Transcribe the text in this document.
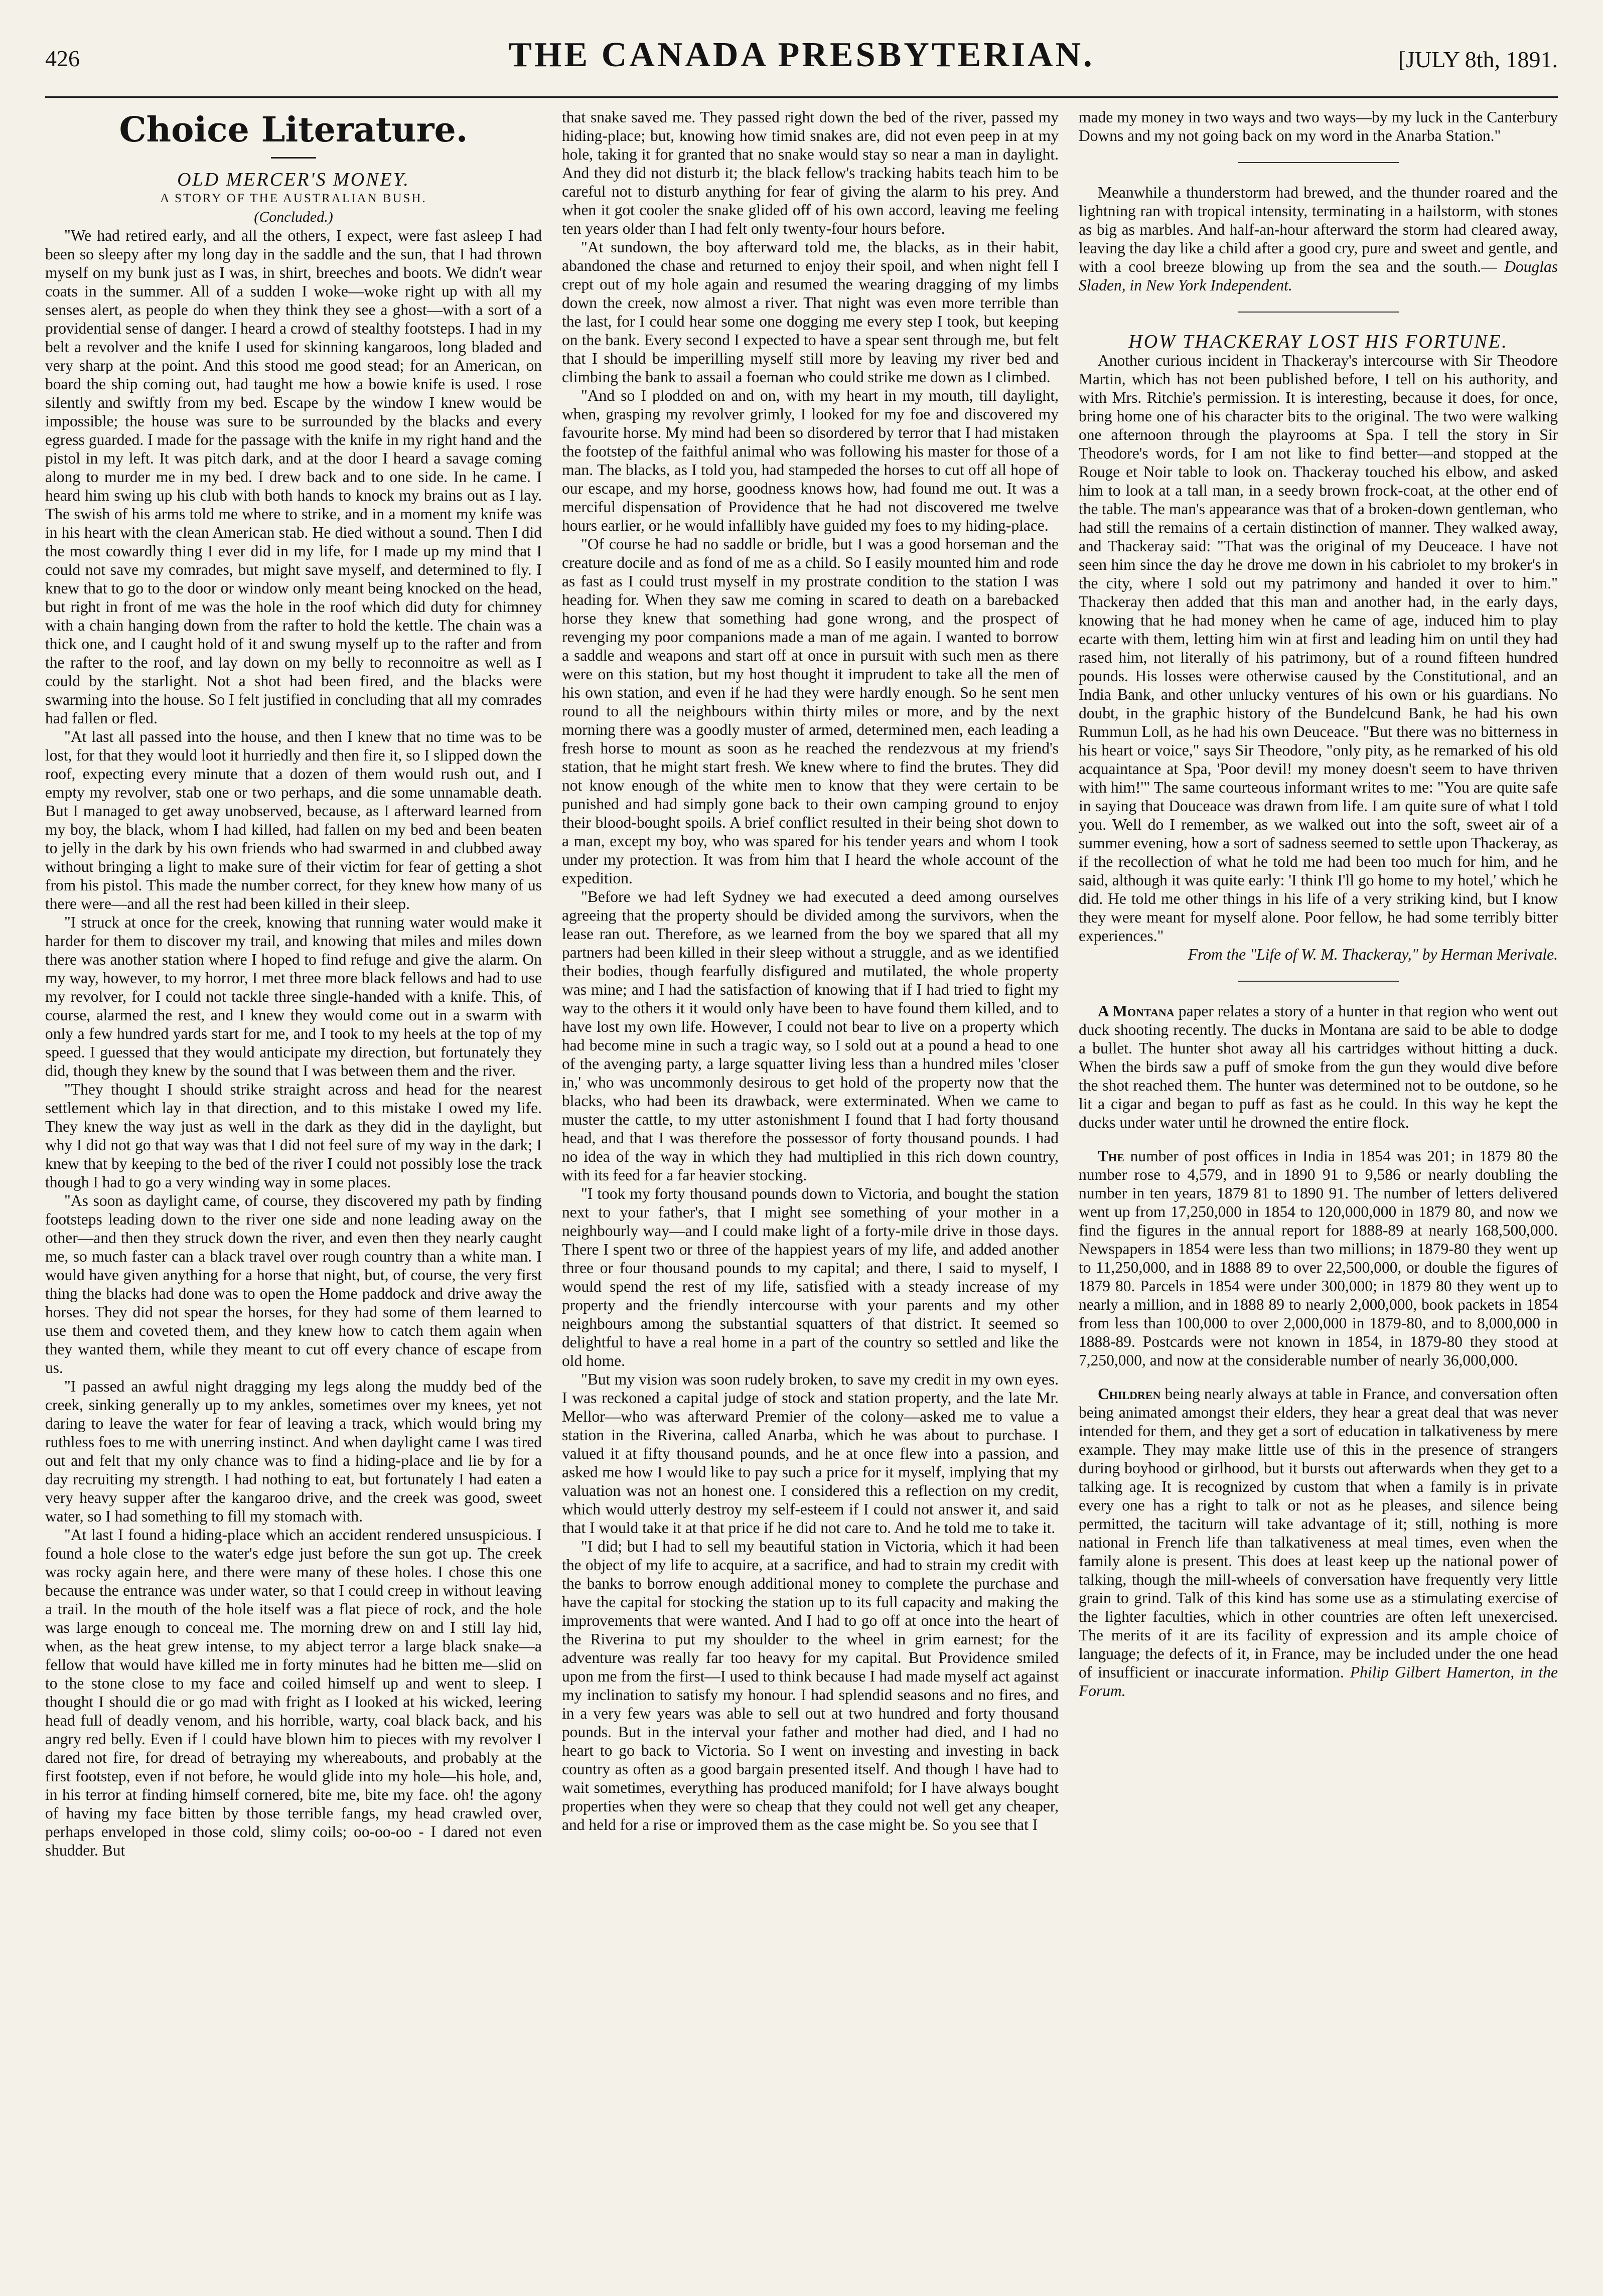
426	THE CANADA PRESBYTERIAN.	[JULY 8th, 1891.
Choice Literature.

OLD MERCER'S MONEY.

A STORY OF THE AUSTRALIAN BUSH.

(Concluded.)

"We had retired early, and all the others, I expect, were fast asleep I had been so sleepy after my long day in the saddle and the sun, that I had thrown myself on my bunk just as I was, in shirt, breeches and boots. We didn't wear coats in the summer. All of a sudden I woke—woke right up with all my senses alert, as people do when they think they see a ghost—with a sort of a providential sense of danger. I heard a crowd of stealthy footsteps. I had in my belt a revolver and the knife I used for skinning kangaroos, long bladed and very sharp at the point. And this stood me good stead; for an American, on board the ship coming out, had taught me how a bowie knife is used. I rose silently and swiftly from my bed. Escape by the window I knew would be impossible; the house was sure to be surrounded by the blacks and every egress guarded. I made for the passage with the knife in my right hand and the pistol in my left. It was pitch dark, and at the door I heard a savage coming along to murder me in my bed. I drew back and to one side. In he came. I heard him swing up his club with both hands to knock my brains out as I lay. The swish of his arms told me where to strike, and in a moment my knife was in his heart with the clean American stab. He died without a sound. Then I did the most cowardly thing I ever did in my life, for I made up my mind that I could not save my comrades, but might save myself, and determined to fly. I knew that to go to the door or window only meant being knocked on the head, but right in front of me was the hole in the roof which did duty for chimney with a chain hanging down from the rafter to hold the kettle. The chain was a thick one, and I caught hold of it and swung myself up to the rafter and from the rafter to the roof, and lay down on my belly to reconnoitre as well as I could by the starlight. Not a shot had been fired, and the blacks were swarming into the house. So I felt justified in concluding that all my comrades had fallen or fled.

"At last all passed into the house, and then I knew that no time was to be lost, for that they would loot it hurriedly and then fire it, so I slipped down the roof, expecting every minute that a dozen of them would rush out, and I empty my revolver, stab one or two perhaps, and die some unnamable death. But I managed to get away unobserved, because, as I afterward learned from my boy, the black, whom I had killed, had fallen on my bed and been beaten to jelly in the dark by his own friends who had swarmed in and clubbed away without bringing a light to make sure of their victim for fear of getting a shot from his pistol. This made the number correct, for they knew how many of us there were—and all the rest had been killed in their sleep.

"I struck at once for the creek, knowing that running water would make it harder for them to discover my trail, and knowing that miles and miles down there was another station where I hoped to find refuge and give the alarm. On my way, however, to my horror, I met three more black fellows and had to use my revolver, for I could not tackle three single-handed with a knife. This, of course, alarmed the rest, and I knew they would come out in a swarm with only a few hundred yards start for me, and I took to my heels at the top of my speed. I guessed that they would anticipate my direction, but fortunately they did, though they knew by the sound that I was between them and the river.

"They thought I should strike straight across and head for the nearest settlement which lay in that direction, and to this mistake I owed my life. They knew the way just as well in the dark as they did in the daylight, but why I did not go that way was that I did not feel sure of my way in the dark; I knew that by keeping to the bed of the river I could not possibly lose the track though I had to go a very winding way in some places.

"As soon as daylight came, of course, they discovered my path by finding footsteps leading down to the river one side and none leading away on the other—and then they struck down the river, and even then they nearly caught me, so much faster can a black travel over rough country than a white man. I would have given anything for a horse that night, but, of course, the very first thing the blacks had done was to open the Home paddock and drive away the horses. They did not spear the horses, for they had some of them learned to use them and coveted them, and they knew how to catch them again when they wanted them, while they meant to cut off every chance of escape from us.

"I passed an awful night dragging my legs along the muddy bed of the creek, sinking generally up to my ankles, sometimes over my knees, yet not daring to leave the water for fear of leaving a track, which would bring my ruthless foes to me with unerring instinct. And when daylight came I was tired out and felt that my only chance was to find a hiding-place and lie by for a day recruiting my strength. I had nothing to eat, but fortunately I had eaten a very heavy supper after the kangaroo drive, and the creek was good, sweet water, so I had something to fill my stomach with.

"At last I found a hiding-place which an accident rendered unsuspicious. I found a hole close to the water's edge just before the sun got up. The creek was rocky again here, and there were many of these holes. I chose this one because the entrance was under water, so that I could creep in without leaving a trail. In the mouth of the hole itself was a flat piece of rock, and the hole was large enough to conceal me. The morning drew on and I still lay hid, when, as the heat grew intense, to my abject terror a large black snake—a fellow that would have killed me in forty minutes had he bitten me—slid on to the stone close to my face and coiled himself up and went to sleep. I thought I should die or go mad with fright as I looked at his wicked, leering head full of deadly venom, and his horrible, warty, coal black back, and his angry red belly. Even if I could have blown him to pieces with my revolver I dared not fire, for dread of betraying my whereabouts, and probably at the first footstep, even if not before, he would glide into my hole—his hole, and, in his terror at finding himself cornered, bite me, bite my face. oh! the agony of having my face bitten by those terrible fangs, my head crawled over, perhaps enveloped in those cold, slimy coils; oo-oo-oo - I dared not even shudder. But

that snake saved me. They passed right down the bed of the river, passed my hiding-place; but, knowing how timid snakes are, did not even peep in at my hole, taking it for granted that no snake would stay so near a man in daylight. And they did not disturb it; the black fellow's tracking habits teach him to be careful not to disturb anything for fear of giving the alarm to his prey. And when it got cooler the snake glided off of his own accord, leaving me feeling ten years older than I had felt only twenty-four hours before.

"At sundown, the boy afterward told me, the blacks, as in their habit, abandoned the chase and returned to enjoy their spoil, and when night fell I crept out of my hole again and resumed the wearing dragging of my limbs down the creek, now almost a river. That night was even more terrible than the last, for I could hear some one dogging me every step I took, but keeping on the bank. Every second I expected to have a spear sent through me, but felt that I should be imperilling myself still more by leaving my river bed and climbing the bank to assail a foeman who could strike me down as I climbed.

"And so I plodded on and on, with my heart in my mouth, till daylight, when, grasping my revolver grimly, I looked for my foe and discovered my favourite horse. My mind had been so disordered by terror that I had mistaken the footstep of the faithful animal who was following his master for those of a man. The blacks, as I told you, had stampeded the horses to cut off all hope of our escape, and my horse, goodness knows how, had found me out. It was a merciful dispensation of Providence that he had not discovered me twelve hours earlier, or he would infallibly have guided my foes to my hiding-place.

"Of course he had no saddle or bridle, but I was a good horseman and the creature docile and as fond of me as a child. So I easily mounted him and rode as fast as I could trust myself in my prostrate condition to the station I was heading for. When they saw me coming in scared to death on a barebacked horse they knew that something had gone wrong, and the prospect of revenging my poor companions made a man of me again. I wanted to borrow a saddle and weapons and start off at once in pursuit with such men as there were on this station, but my host thought it imprudent to take all the men of his own station, and even if he had they were hardly enough. So he sent men round to all the neighbours within thirty miles or more, and by the next morning there was a goodly muster of armed, determined men, each leading a fresh horse to mount as soon as he reached the rendezvous at my friend's station, that he might start fresh. We knew where to find the brutes. They did not know enough of the white men to know that they were certain to be punished and had simply gone back to their own camping ground to enjoy their blood-bought spoils. A brief conflict resulted in their being shot down to a man, except my boy, who was spared for his tender years and whom I took under my protection. It was from him that I heard the whole account of the expedition.

"Before we had left Sydney we had executed a deed among ourselves agreeing that the property should be divided among the survivors, when the lease ran out. Therefore, as we learned from the boy we spared that all my partners had been killed in their sleep without a struggle, and as we identified their bodies, though fearfully disfigured and mutilated, the whole property was mine; and I had the satisfaction of knowing that if I had tried to fight my way to the others it it would only have been to have found them killed, and to have lost my own life. However, I could not bear to live on a property which had become mine in such a tragic way, so I sold out at a pound a head to one of the avenging party, a large squatter living less than a hundred miles 'closer in,' who was uncommonly desirous to get hold of the property now that the blacks, who had been its drawback, were exterminated. When we came to muster the cattle, to my utter astonishment I found that I had forty thousand head, and that I was therefore the possessor of forty thousand pounds. I had no idea of the way in which they had multiplied in this rich down country, with its feed for a far heavier stocking.

"I took my forty thousand pounds down to Victoria, and bought the station next to your father's, that I might see something of your mother in a neighbourly way—and I could make light of a forty-mile drive in those days. There I spent two or three of the happiest years of my life, and added another three or four thousand pounds to my capital; and there, I said to myself, I would spend the rest of my life, satisfied with a steady increase of my property and the friendly intercourse with your parents and my other neighbours among the substantial squatters of that district. It seemed so delightful to have a real home in a part of the country so settled and like the old home.

"But my vision was soon rudely broken, to save my credit in my own eyes. I was reckoned a capital judge of stock and station property, and the late Mr. Mellor—who was afterward Premier of the colony—asked me to value a station in the Riverina, called Anarba, which he was about to purchase. I valued it at fifty thousand pounds, and he at once flew into a passion, and asked me how I would like to pay such a price for it myself, implying that my valuation was not an honest one. I considered this a reflection on my credit, which would utterly destroy my self-esteem if I could not answer it, and said that I would take it at that price if he did not care to. And he told me to take it.

"I did; but I had to sell my beautiful station in Victoria, which it had been the object of my life to acquire, at a sacrifice, and had to strain my credit with the banks to borrow enough additional money to complete the purchase and have the capital for stocking the station up to its full capacity and making the improvements that were wanted. And I had to go off at once into the heart of the Riverina to put my shoulder to the wheel in grim earnest; for the adventure was really far too heavy for my capital. But Providence smiled upon me from the first—I used to think because I had made myself act against my inclination to satisfy my honour. I had splendid seasons and no fires, and in a very few years was able to sell out at two hundred and forty thousand pounds. But in the interval your father and mother had died, and I had no heart to go back to Victoria. So I went on investing and investing in back country as often as a good bargain presented itself. And though I have had to wait sometimes, everything has produced manifold; for I have always bought properties when they were so cheap that they could not well get any cheaper, and held for a rise or improved them as the case might be. So you see that I

made my money in two ways and two ways—by my luck in the Canterbury Downs and my not going back on my word in the Anarba Station."

Meanwhile a thunderstorm had brewed, and the thunder roared and the lightning ran with tropical intensity, terminating in a hailstorm, with stones as big as marbles. And half-an-hour afterward the storm had cleared away, leaving the day like a child after a good cry, pure and sweet and gentle, and with a cool breeze blowing up from the sea and the south.— Douglas Sladen, in New York Independent.

HOW THACKERAY LOST HIS FORTUNE.

Another curious incident in Thackeray's intercourse with Sir Theodore Martin, which has not been published before, I tell on his authority, and with Mrs. Ritchie's permission. It is interesting, because it does, for once, bring home one of his character bits to the original. The two were walking one afternoon through the playrooms at Spa. I tell the story in Sir Theodore's words, for I am not like to find better—and stopped at the Rouge et Noir table to look on. Thackeray touched his elbow, and asked him to look at a tall man, in a seedy brown frock-coat, at the other end of the table. The man's appearance was that of a broken-down gentleman, who had still the remains of a certain distinction of manner. They walked away, and Thackeray said: "That was the original of my Deuceace. I have not seen him since the day he drove me down in his cabriolet to my broker's in the city, where I sold out my patrimony and handed it over to him." Thackeray then added that this man and another had, in the early days, knowing that he had money when he came of age, induced him to play ecarte with them, letting him win at first and leading him on until they had rased him, not literally of his patrimony, but of a round fifteen hundred pounds. His losses were otherwise caused by the Constitutional, and an India Bank, and other unlucky ventures of his own or his guardians. No doubt, in the graphic history of the Bundelcund Bank, he had his own Rummun Loll, as he had his own Deuceace. "But there was no bitterness in his heart or voice," says Sir Theodore, "only pity, as he remarked of his old acquaintance at Spa, 'Poor devil! my money doesn't seem to have thriven with him!'" The same courteous informant writes to me: "You are quite safe in saying that Douceace was drawn from life. I am quite sure of what I told you. Well do I remember, as we walked out into the soft, sweet air of a summer evening, how a sort of sadness seemed to settle upon Thackeray, as if the recollection of what he told me had been too much for him, and he said, although it was quite early: 'I think I'll go home to my hotel,' which he did. He told me other things in his life of a very striking kind, but I know they were meant for myself alone. Poor fellow, he had some terribly bitter experiences."

From the "Life of W. M. Thackeray," by Herman Merivale.

A Montana paper relates a story of a hunter in that region who went out duck shooting recently. The ducks in Montana are said to be able to dodge a bullet. The hunter shot away all his cartridges without hitting a duck. When the birds saw a puff of smoke from the gun they would dive before the shot reached them. The hunter was determined not to be outdone, so he lit a cigar and began to puff as fast as he could. In this way he kept the ducks under water until he drowned the entire flock.

The number of post offices in India in 1854 was 201; in 1879 80 the number rose to 4,579, and in 1890 91 to 9,586 or nearly doubling the number in ten years, 1879 81 to 1890 91. The number of letters delivered went up from 17,250,000 in 1854 to 120,000,000 in 1879 80, and now we find the figures in the annual report for 1888-89 at nearly 168,500,000. Newspapers in 1854 were less than two millions; in 1879-80 they went up to 11,250,000, and in 1888 89 to over 22,500,000, or double the figures of 1879 80. Parcels in 1854 were under 300,000; in 1879 80 they went up to nearly a million, and in 1888 89 to nearly 2,000,000, book packets in 1854 from less than 100,000 to over 2,000,000 in 1879-80, and to 8,000,000 in 1888-89. Postcards were not known in 1854, in 1879-80 they stood at 7,250,000, and now at the considerable number of nearly 36,000,000.

Children being nearly always at table in France, and conversation often being animated amongst their elders, they hear a great deal that was never intended for them, and they get a sort of education in talkativeness by mere example. They may make little use of this in the presence of strangers during boyhood or girlhood, but it bursts out afterwards when they get to a talking age. It is recognized by custom that when a family is in private every one has a right to talk or not as he pleases, and silence being permitted, the taciturn will take advantage of it; still, nothing is more national in French life than talkativeness at meal times, even when the family alone is present. This does at least keep up the national power of talking, though the mill-wheels of conversation have frequently very little grain to grind. Talk of this kind has some use as a stimulating exercise of the lighter faculties, which in other countries are often left unexercised. The merits of it are its facility of expression and its ample choice of language; the defects of it, in France, may be included under the one head of insufficient or inaccurate information. Philip Gilbert Hamerton, in the Forum.
